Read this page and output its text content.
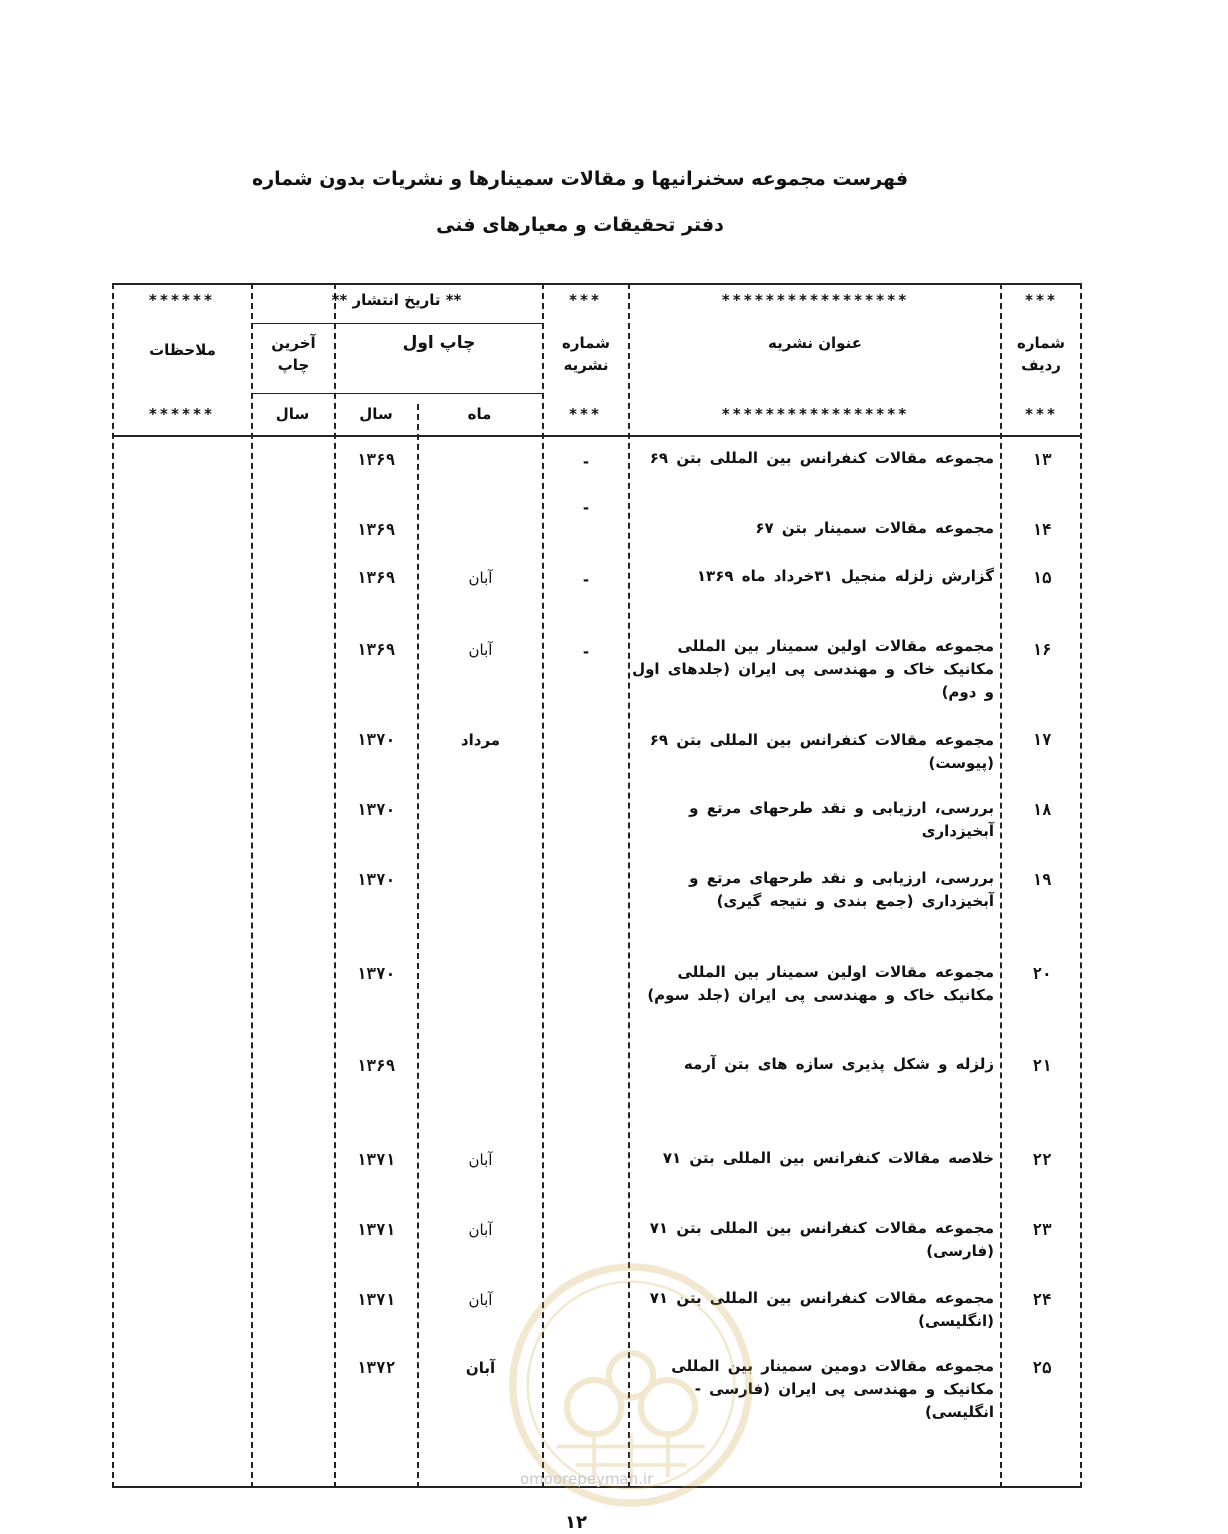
فهرست مجموعه سخنرانیها و مقالات سمینارها و نشریات بدون شماره
دفتر تحقیقات و معیارهای فنی
***
*****************
***
** تاریخ انتشار **
******
شماره ردیف
عنوان نشریه
شماره نشریه
چاپ اول
آخرین چاپ
ملاحظات
***
*****************
***
ماه
سال
سال
******
۱۳
مجموعه مقالات کنفرانس بین المللی بتن ۶۹
-
۱۳۶۹
۱۴
مجموعه مقالات سمینار بتن ۶۷
-
۱۳۶۹
۱۵
گزارش زلزله منجیل ۳۱خرداد ماه ۱۳۶۹
-
آبان
۱۳۶۹
۱۶
مجموعه مقالات اولین سمینار بین المللی مکانیک خاک و مهندسی پی ایران (جلدهای اول و دوم)
-
آبان
۱۳۶۹
۱۷
مجموعه مقالات کنفرانس بین المللی بتن ۶۹ (پیوست)
مرداد
۱۳۷۰
۱۸
بررسی، ارزیابی و نقد طرحهای مرتع و آبخیزداری
۱۳۷۰
۱۹
بررسی، ارزیابی و نقد طرحهای مرتع و آبخیزداری (جمع بندی و نتیجه گیری)
۱۳۷۰
۲۰
مجموعه مقالات اولین سمینار بین المللی مکانیک خاک و مهندسی پی ایران (جلد سوم)
۱۳۷۰
۲۱
زلزله و شکل پذیری سازه های بتن آرمه
۱۳۶۹
۲۲
خلاصه مقالات کنفرانس بین المللی بتن ۷۱
آبان
۱۳۷۱
۲۳
مجموعه مقالات کنفرانس بین المللی بتن ۷۱ (فارسی)
آبان
۱۳۷۱
۲۴
مجموعه مقالات کنفرانس بین المللی بتن ۷۱ (انگلیسی)
آبان
۱۳۷۱
۲۵
مجموعه مقالات دومین سمینار بین المللی مکانیک و مهندسی پی ایران (فارسی - انگلیسی)
آبان
۱۳۷۲
omoorepeyman.ir
۱۲
